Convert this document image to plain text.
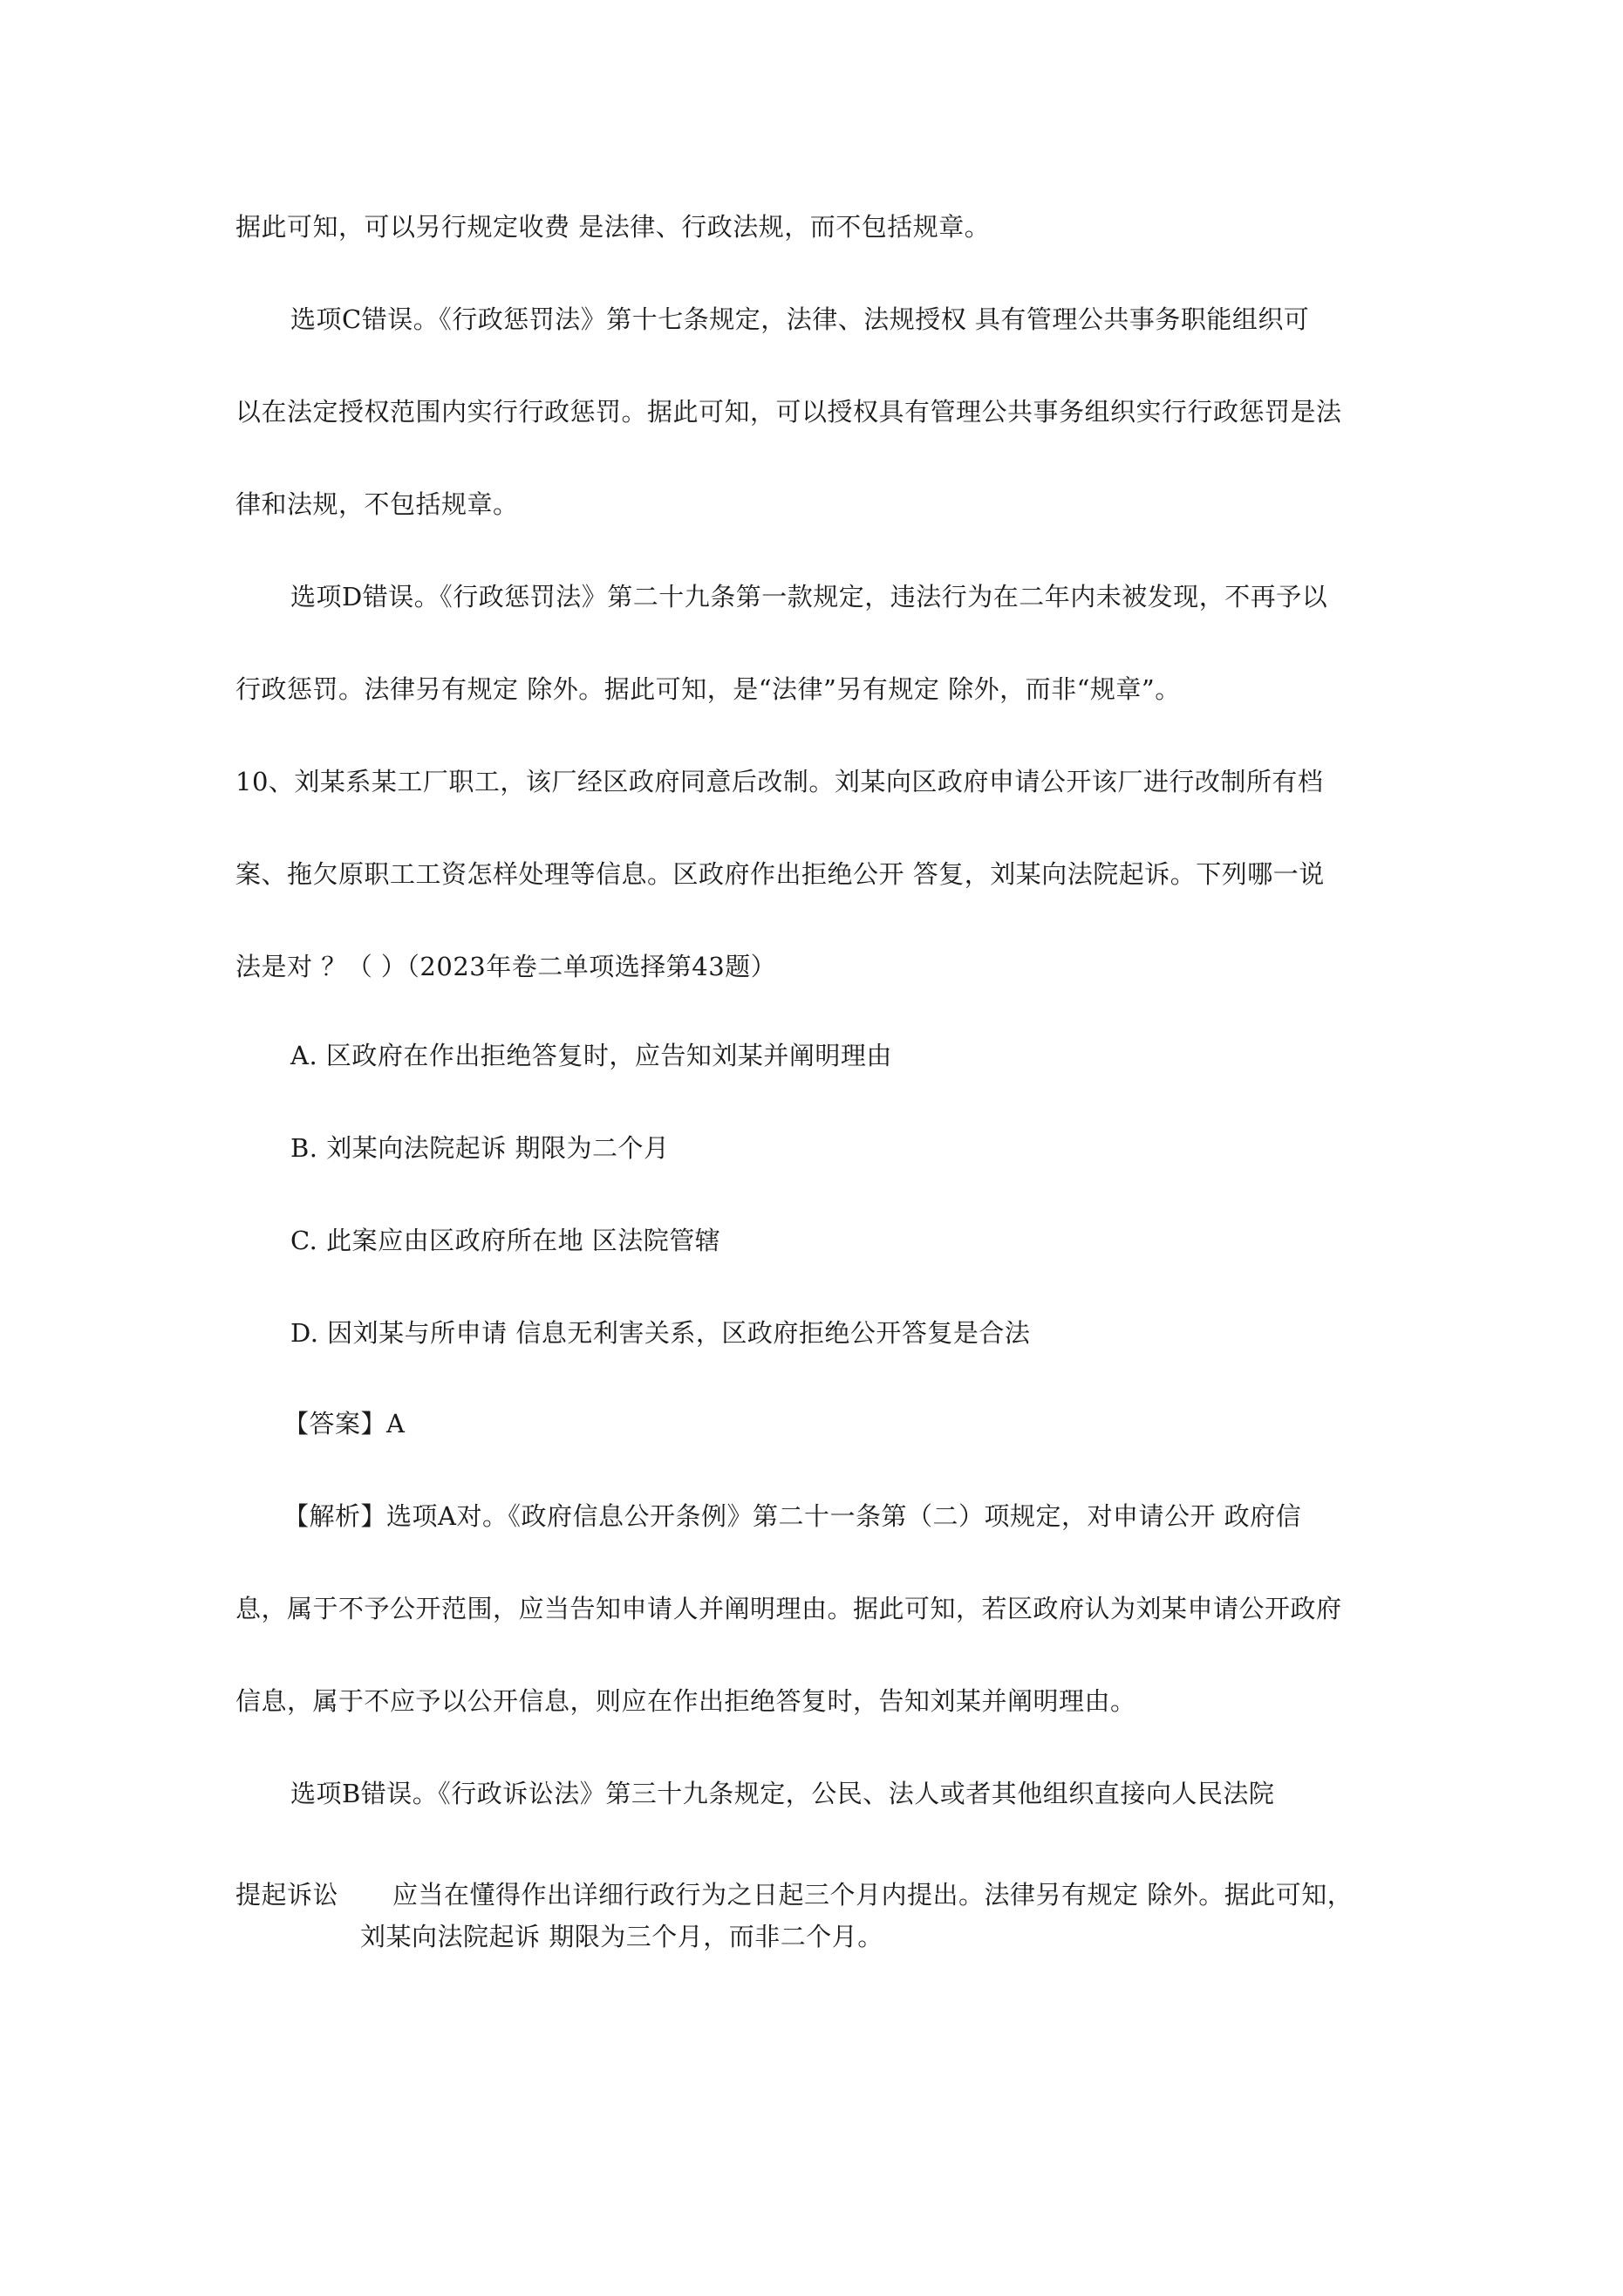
据此可知，可以另行规定收费 是法律、行政法规，而不包括规章。
选项C错误。《行政惩罚法》第十七条规定，法律、法规授权 具有管理公共事务职能组织可
以在法定授权范围内实行行政惩罚。据此可知，可以授权具有管理公共事务组织实行行政惩罚是法
律和法规，不包括规章。
选项D错误。《行政惩罚法》第二十九条第一款规定，违法行为在二年内未被发现，不再予以
行政惩罚。法律另有规定 除外。据此可知，是“法律”另有规定 除外，而非“规章”。
10、刘某系某工厂职工，该厂经区政府同意后改制。刘某向区政府申请公开该厂进行改制所有档
案、拖欠原职工工资怎样处理等信息。区政府作出拒绝公开 答复，刘某向法院起诉。下列哪一说
法是对 ？（ ）（2023年卷二单项选择第43题）
A. 区政府在作出拒绝答复时，应告知刘某并阐明理由
B. 刘某向法院起诉 期限为二个月
C. 此案应由区政府所在地 区法院管辖
D. 因刘某与所申请 信息无利害关系，区政府拒绝公开答复是合法
【答案】A
【解析】选项A对。《政府信息公开条例》第二十一条第（二）项规定，对申请公开 政府信
息，属于不予公开范围，应当告知申请人并阐明理由。据此可知，若区政府认为刘某申请公开政府
信息，属于不应予以公开信息，则应在作出拒绝答复时，告知刘某并阐明理由。
选项B错误。《行政诉讼法》第三十九条规定，公民、法人或者其他组织直接向人民法院
提起诉讼 应当在懂得作出详细行政行为之日起三个月内提出。法律另有规定 除外。据此可知，
刘某向法院起诉 期限为三个月，而非二个月。
